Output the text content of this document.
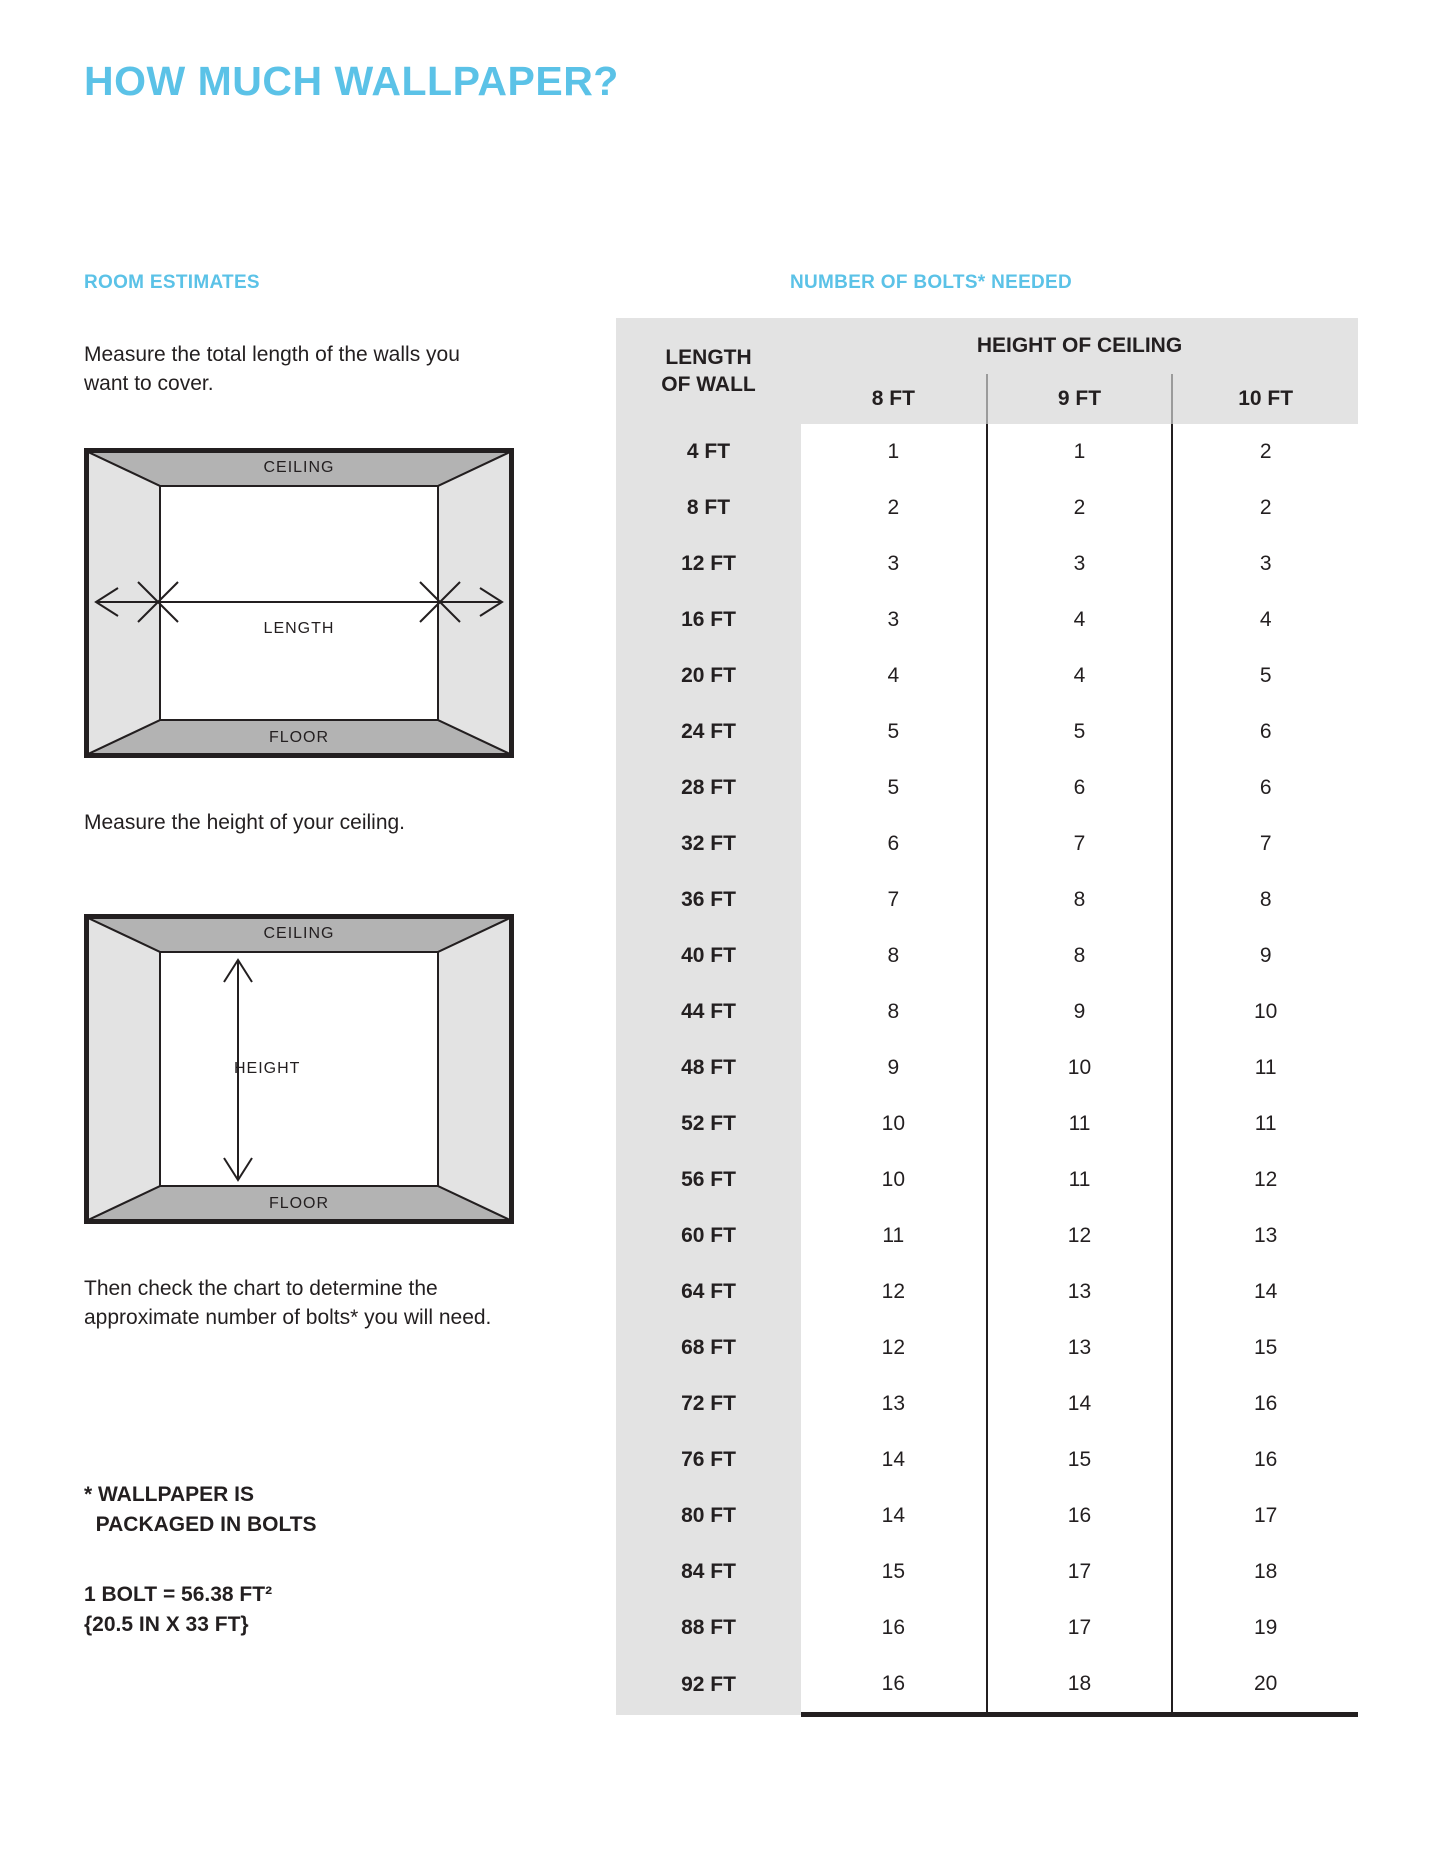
HOW MUCH WALLPAPER?
ROOM ESTIMATES	NUMBER OF BOLTS* NEEDED
Measure the total length of the walls you want to cover.
CEILING
FLOOR
LENGTH
Measure the height of your ceiling.
CEILING
FLOOR
HEIGHT
Then check the chart to determine the approximate number of bolts* you will need.
* WALLPAPER IS
PACKAGED IN BOLTS
1 BOLT = 56.38 FT²
{20.5 IN X 33 FT}
LENGTH
OF WALL	HEIGHT OF CEILING		
	8 FT	9 FT	10 FT
4 FT	1	1	2
8 FT	2	2	2
12 FT	3	3	3
16 FT	3	4	4
20 FT	4	4	5
24 FT	5	5	6
28 FT	5	6	6
32 FT	6	7	7
36 FT	7	8	8
40 FT	8	8	9
44 FT	8	9	10
48 FT	9	10	11
52 FT	10	11	11
56 FT	10	11	12
60 FT	11	12	13
64 FT	12	13	14
68 FT	12	13	15
72 FT	13	14	16
76 FT	14	15	16
80 FT	14	16	17
84 FT	15	17	18
88 FT	16	17	19
92 FT	16	18	20
